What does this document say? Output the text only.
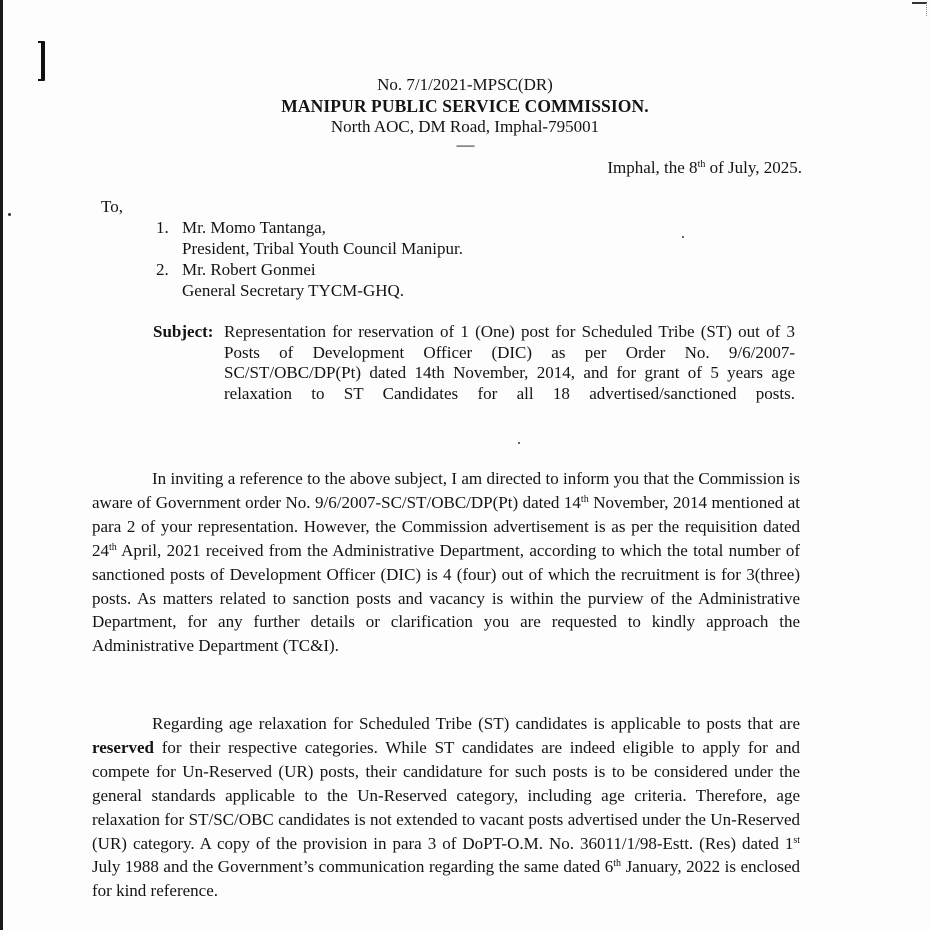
No. 7/1/2021-MPSC(DR)
MANIPUR PUBLIC SERVICE COMMISSION.
North AOC, DM Road, Imphal-795001
------
Imphal, the 8th of July, 2025.
To,
1. Mr. Momo Tantanga,
President, Tribal Youth Council Manipur.
2. Mr. Robert Gonmei
General Secretary TYCM-GHQ.
Subject: Representation for reservation of 1 (One) post for Scheduled Tribe (ST) out of 3 Posts of Development Officer (DIC) as per Order No. 9/6/2007-SC/ST/OBC/DP(Pt) dated 14th November, 2014, and for grant of 5 years age relaxation to ST Candidates for all 18 advertised/sanctioned posts.
In inviting a reference to the above subject, I am directed to inform you that the Commission is aware of Government order No. 9/6/2007-SC/ST/OBC/DP(Pt) dated 14th November, 2014 mentioned at para 2 of your representation. However, the Commission advertisement is as per the requisition dated 24th April, 2021 received from the Administrative Department, according to which the total number of sanctioned posts of Development Officer (DIC) is 4 (four) out of which the recruitment is for 3(three) posts. As matters related to sanction posts and vacancy is within the purview of the Administrative Department, for any further details or clarification you are requested to kindly approach the Administrative Department (TC&I).
Regarding age relaxation for Scheduled Tribe (ST) candidates is applicable to posts that are reserved for their respective categories. While ST candidates are indeed eligible to apply for and compete for Un-Reserved (UR) posts, their candidature for such posts is to be considered under the general standards applicable to the Un-Reserved category, including age criteria. Therefore, age relaxation for ST/SC/OBC candidates is not extended to vacant posts advertised under the Un-Reserved (UR) category. A copy of the provision in para 3 of DoPT-O.M. No. 36011/1/98-Estt. (Res) dated 1st July 1988 and the Government’s communication regarding the same dated 6th January, 2022 is enclosed for kind reference.
